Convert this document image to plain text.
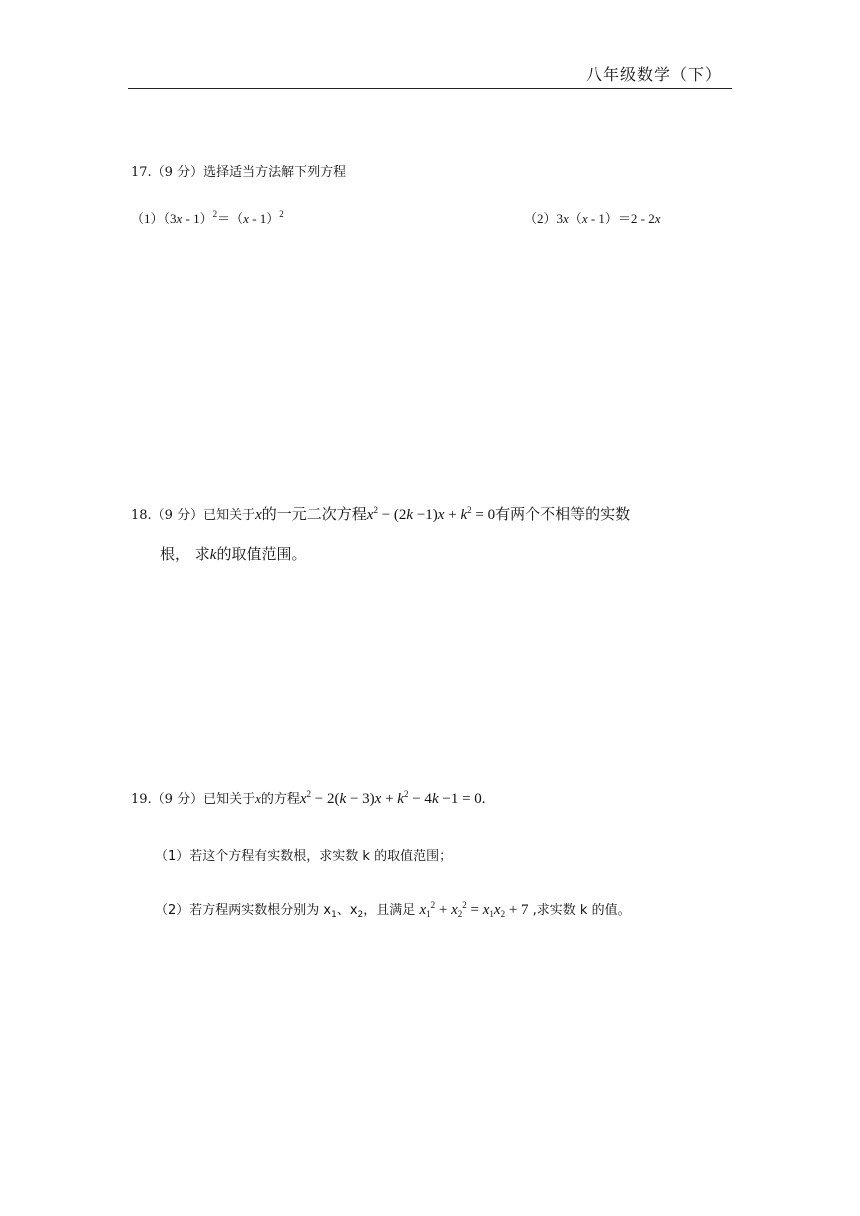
八年级数学（下）
17.（9 分）选择适当方法解下列方程
（1）（3x - 1）$^2$＝（x - 1）$^2$	（2）3x（x - 1）＝2 - 2x
18.（9 分）已知关于x的一元二次方程$x^2 - (2k -1)x + k^2 = 0$有两个不相等的实数
根， 求k的取值范围。
19.（9 分）已知关于x的方程$x^2 - 2(k - 3)x + k^2 - 4k -1 = 0$.
（1）若这个方程有实数根，求实数 k 的取值范围；
（2）若方程两实数根分别为 $x_1$、$x_2$，且满足 $x_1^2 + x_2^2 = x_1x_2 + 7$ ,求实数 k 的值。
